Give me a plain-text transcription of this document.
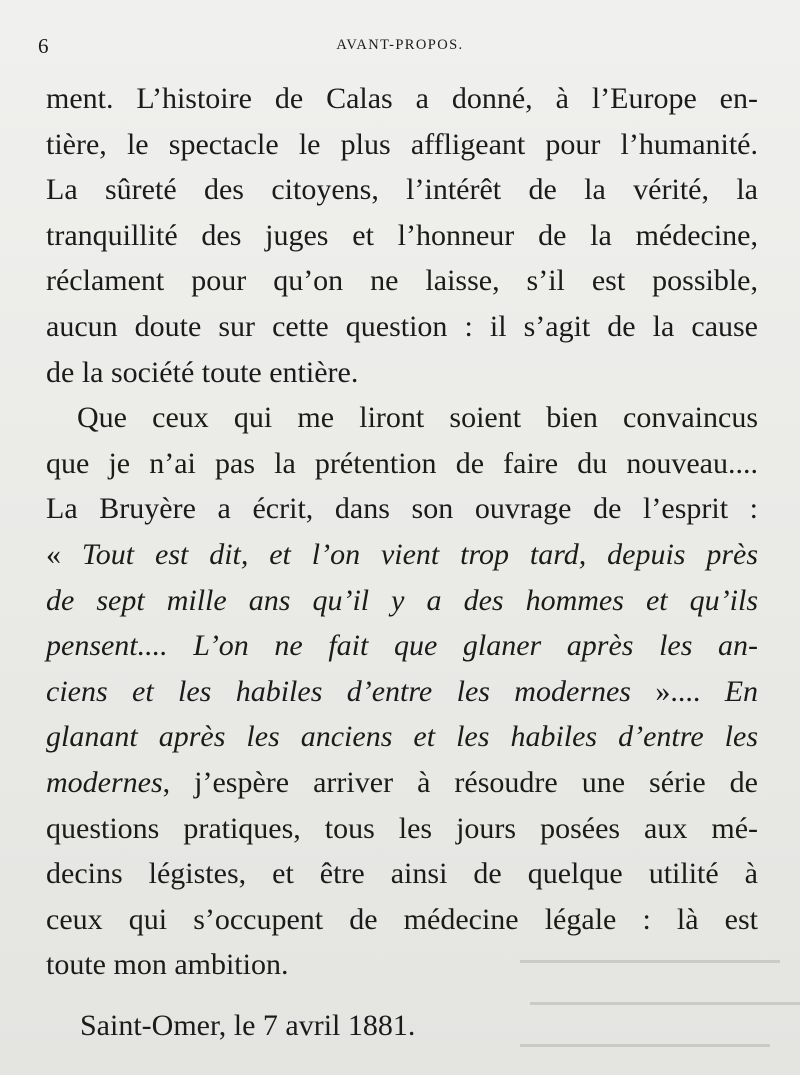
6	AVANT-PROPOS.
ment. L’histoire de Calas a donné, à l’Europe en-
tière, le spectacle le plus affligeant pour l’humanité.
La sûreté des citoyens, l’intérêt de la vérité, la
tranquillité des juges et l’honneur de la médecine,
réclament pour qu’on ne laisse, s’il est possible,
aucun doute sur cette question : il s’agit de la cause
de la société toute entière.
Que ceux qui me liront soient bien convaincus
que je n’ai pas la prétention de faire du nouveau....
La Bruyère a écrit, dans son ouvrage de l’esprit :
« Tout est dit, et l’on vient trop tard, depuis près
de sept mille ans qu’il y a des hommes et qu’ils
pensent.... L’on ne fait que glaner après les an-
ciens et les habiles d’entre les modernes ».... En
glanant après les anciens et les habiles d’entre les
modernes, j’espère arriver à résoudre une série de
questions pratiques, tous les jours posées aux mé-
decins légistes, et être ainsi de quelque utilité à
ceux qui s’occupent de médecine légale : là est
toute mon ambition.
Saint-Omer, le 7 avril 1881.
